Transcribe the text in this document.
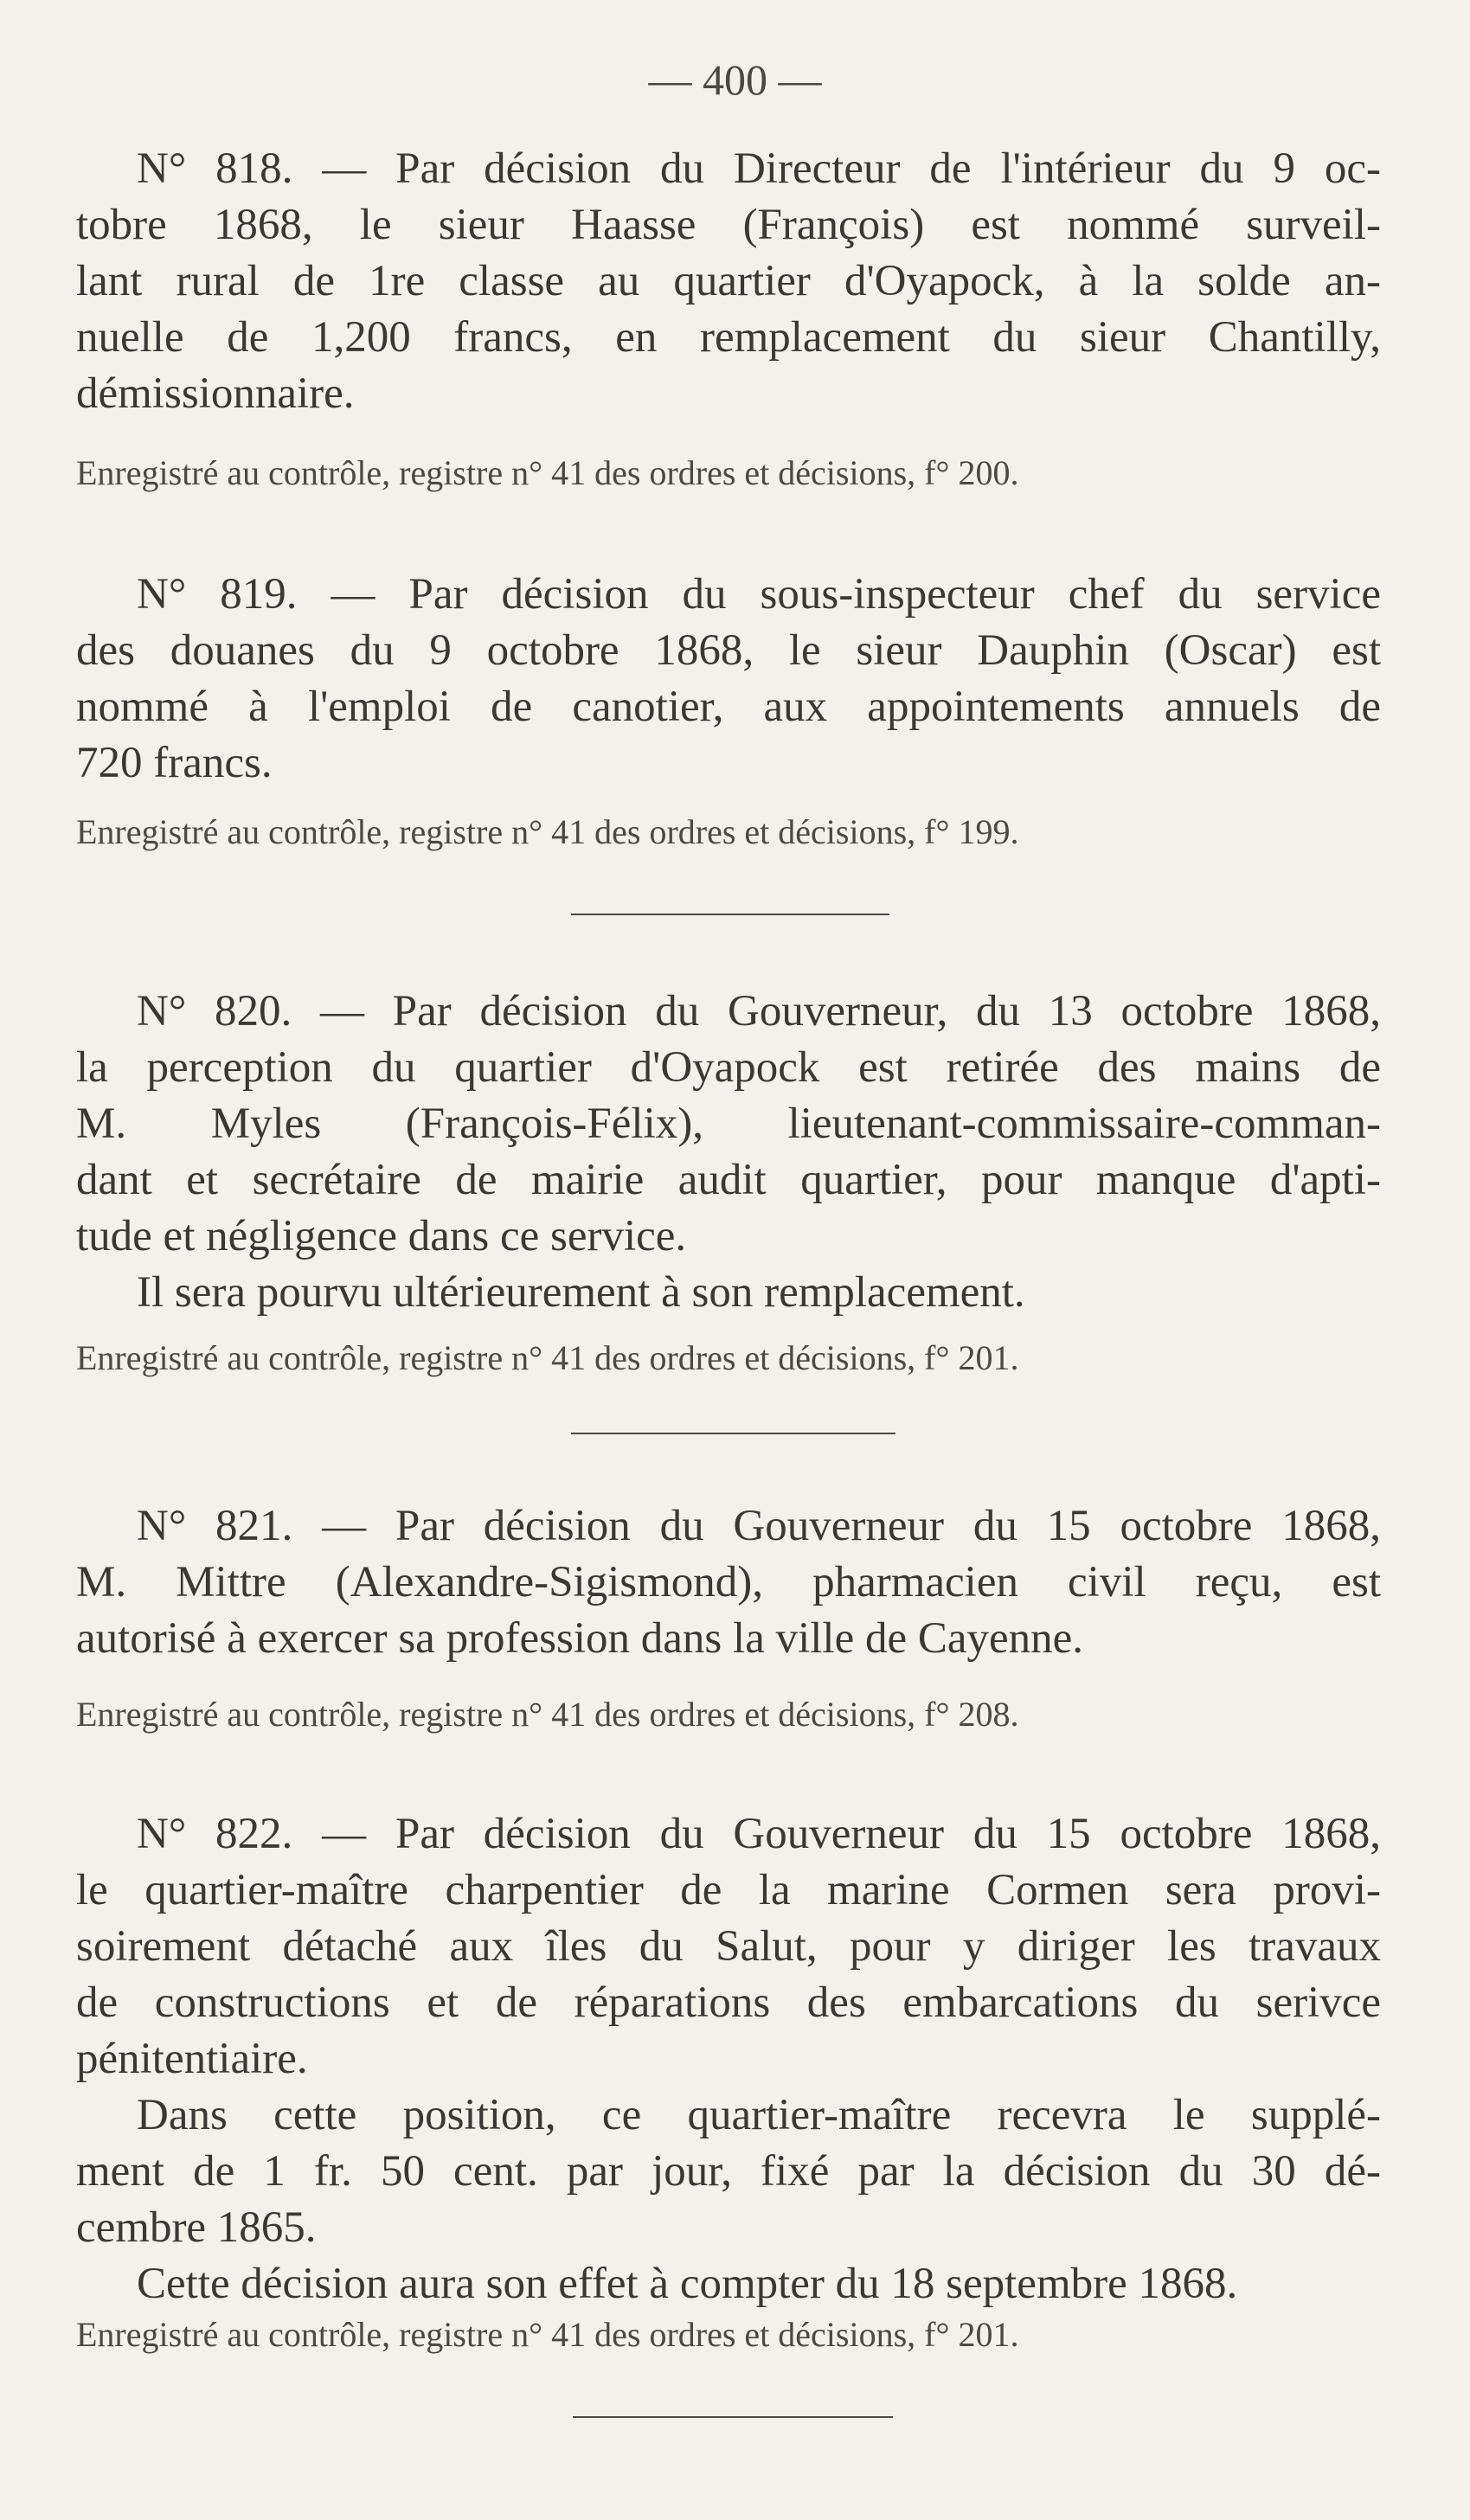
— 400 —
N° 818. — Par décision du Directeur de l'intérieur du 9 oc-
tobre 1868, le sieur Haasse (François) est nommé surveil-
lant rural de 1re classe au quartier d'Oyapock, à la solde an-
nuelle de 1,200 francs, en remplacement du sieur Chantilly,
démissionnaire.
Enregistré au contrôle, registre n° 41 des ordres et décisions, f° 200.
N° 819. — Par décision du sous-inspecteur chef du service
des douanes du 9 octobre 1868, le sieur Dauphin (Oscar) est
nommé à l'emploi de canotier, aux appointements annuels de
720 francs.
Enregistré au contrôle, registre n° 41 des ordres et décisions, f° 199.
N° 820. — Par décision du Gouverneur, du 13 octobre 1868,
la perception du quartier d'Oyapock est retirée des mains de
M. Myles (François-Félix), lieutenant-commissaire-comman-
dant et secrétaire de mairie audit quartier, pour manque d'apti-
tude et négligence dans ce service.
Il sera pourvu ultérieurement à son remplacement.
Enregistré au contrôle, registre n° 41 des ordres et décisions, f° 201.
N° 821. — Par décision du Gouverneur du 15 octobre 1868,
M. Mittre (Alexandre-Sigismond), pharmacien civil reçu, est
autorisé à exercer sa profession dans la ville de Cayenne.
Enregistré au contrôle, registre n° 41 des ordres et décisions, f° 208.
N° 822. — Par décision du Gouverneur du 15 octobre 1868,
le quartier-maître charpentier de la marine Cormen sera provi-
soirement détaché aux îles du Salut, pour y diriger les travaux
de constructions et de réparations des embarcations du serivce
pénitentiaire.
Dans cette position, ce quartier-maître recevra le supplé-
ment de 1 fr. 50 cent. par jour, fixé par la décision du 30 dé-
cembre 1865.
Cette décision aura son effet à compter du 18 septembre 1868.
Enregistré au contrôle, registre n° 41 des ordres et décisions, f° 201.
